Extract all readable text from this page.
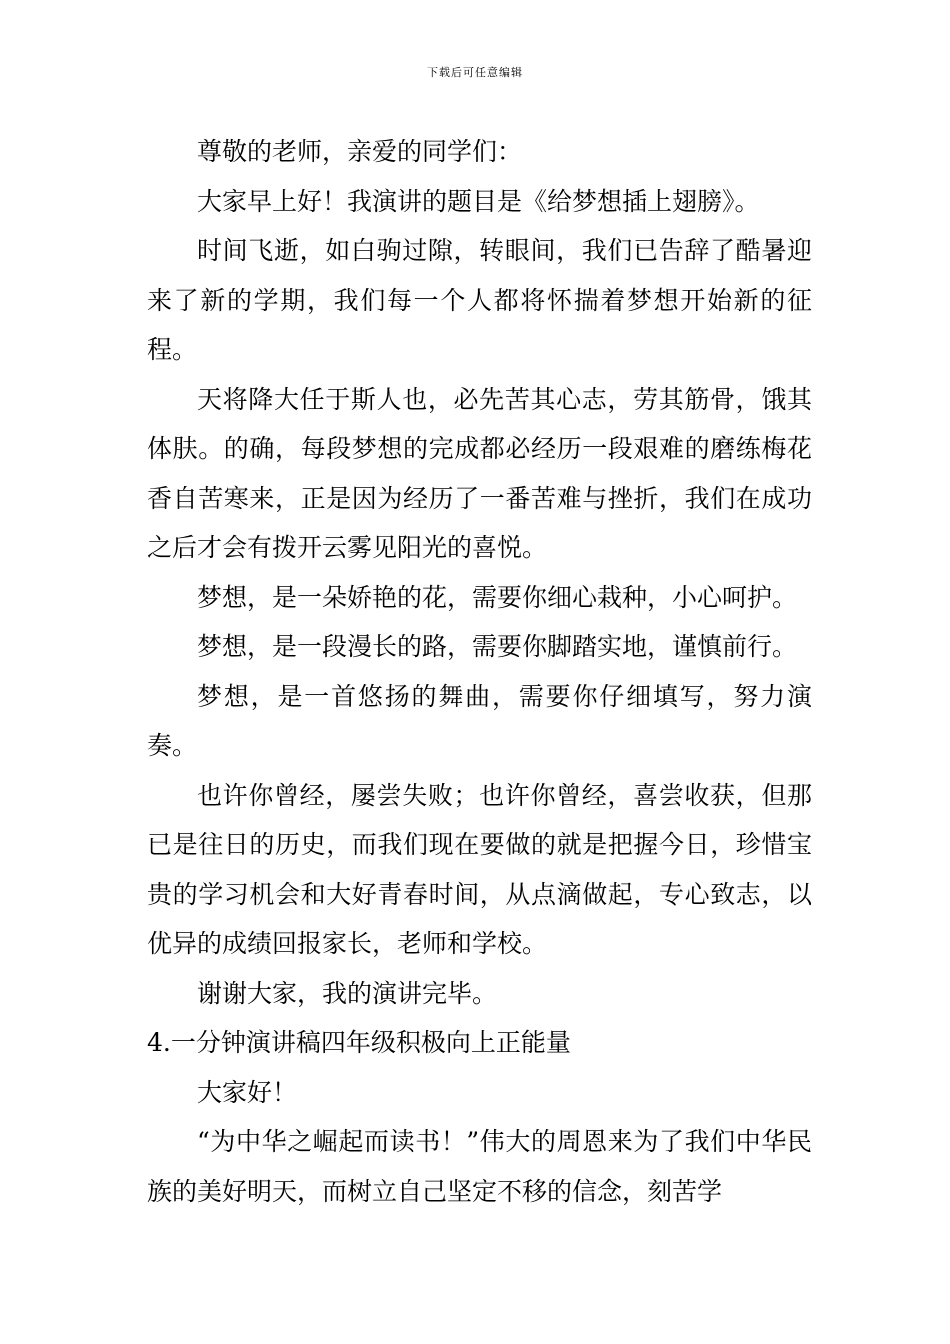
下载后可任意编辑

尊敬的老师，亲爱的同学们：

大家早上好！我演讲的题目是《给梦想插上翅膀》。

时间飞逝，如白驹过隙，转眼间，我们已告辞了酷暑迎来了新的学期，我们每一个人都将怀揣着梦想开始新的征程。

天将降大任于斯人也，必先苦其心志，劳其筋骨，饿其体肤。的确，每段梦想的完成都必经历一段艰难的磨练梅花香自苦寒来，正是因为经历了一番苦难与挫折，我们在成功之后才会有拨开云雾见阳光的喜悦。

梦想，是一朵娇艳的花，需要你细心栽种，小心呵护。

梦想，是一段漫长的路，需要你脚踏实地，谨慎前行。

梦想，是一首悠扬的舞曲，需要你仔细填写，努力演奏。

也许你曾经，屡尝失败；也许你曾经，喜尝收获，但那已是往日的历史，而我们现在要做的就是把握今日，珍惜宝贵的学习机会和大好青春时间，从点滴做起，专心致志，以优异的成绩回报家长，老师和学校。

谢谢大家，我的演讲完毕。

4.一分钟演讲稿四年级积极向上正能量

大家好！

“为中华之崛起而读书！”伟大的周恩来为了我们中华民族的美好明天，而树立自己坚定不移的信念，刻苦学
